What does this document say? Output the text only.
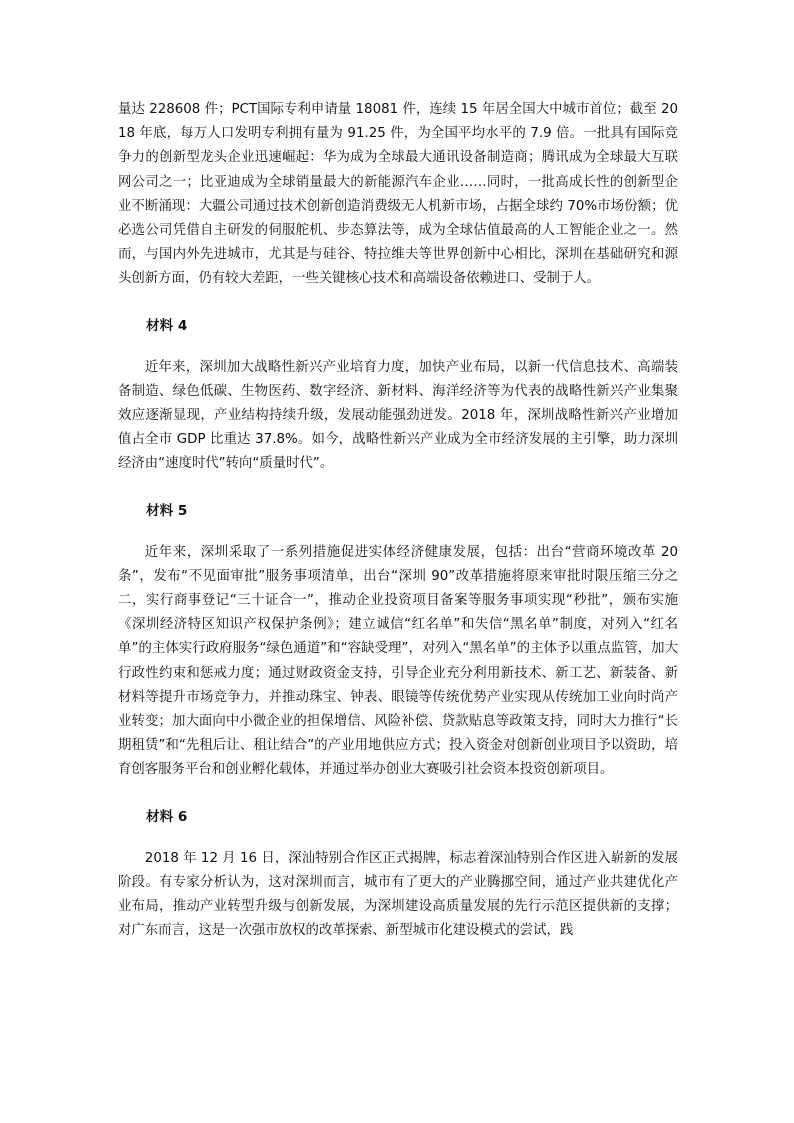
量达 228608 件；PCT国际专利申请量 18081 件，连续 15 年居全国大中城市首位；截至 2018 年底，每万人口发明专利拥有量为 91.25 件，为全国平均水平的 7.9 倍。一批具有国际竞争力的创新型龙头企业迅速崛起：华为成为全球最大通讯设备制造商；腾讯成为全球最大互联网公司之一；比亚迪成为全球销量最大的新能源汽车企业……同时，一批高成长性的创新型企业不断涌现：大疆公司通过技术创新创造消费级无人机新市场，占据全球约 70%市场份额；优必选公司凭借自主研发的伺服舵机、步态算法等，成为全球估值最高的人工智能企业之一。然而，与国内外先进城市，尤其是与硅谷、特拉维夫等世界创新中心相比，深圳在基础研究和源头创新方面，仍有较大差距，一些关键核心技术和高端设备依赖进口、受制于人。

材料 4

近年来，深圳加大战略性新兴产业培育力度，加快产业布局，以新一代信息技术、高端装备制造、绿色低碳、生物医药、数字经济、新材料、海洋经济等为代表的战略性新兴产业集聚效应逐渐显现，产业结构持续升级，发展动能强劲迸发。2018 年，深圳战略性新兴产业增加值占全市 GDP 比重达 37.8%。如今，战略性新兴产业成为全市经济发展的主引擎，助力深圳经济由“速度时代”转向“质量时代”。

材料 5

近年来，深圳采取了一系列措施促进实体经济健康发展，包括：出台“营商环境改革 20 条”，发布“不见面审批”服务事项清单，出台“深圳 90”改革措施将原来审批时限压缩三分之二，实行商事登记“三十证合一”，推动企业投资项目备案等服务事项实现“秒批”，颁布实施《深圳经济特区知识产权保护条例》；建立诚信“红名单”和失信“黑名单”制度，对列入“红名单”的主体实行政府服务“绿色通道”和“容缺受理”，对列入“黑名单”的主体予以重点监管，加大行政性约束和惩戒力度；通过财政资金支持，引导企业充分利用新技术、新工艺、新装备、新材料等提升市场竞争力，并推动珠宝、钟表、眼镜等传统优势产业实现从传统加工业向时尚产业转变；加大面向中小微企业的担保增信、风险补偿、贷款贴息等政策支持，同时大力推行“长期租赁”和“先租后让、租让结合”的产业用地供应方式；投入资金对创新创业项目予以资助，培育创客服务平台和创业孵化载体，并通过举办创业大赛吸引社会资本投资创新项目。

材料 6

2018 年 12 月 16 日，深汕特别合作区正式揭牌，标志着深汕特别合作区进入崭新的发展阶段。有专家分析认为，这对深圳而言，城市有了更大的产业腾挪空间，通过产业共建优化产业布局，推动产业转型升级与创新发展，为深圳建设高质量发展的先行示范区提供新的支撑；对广东而言，这是一次强市放权的改革探索、新型城市化建设模式的尝试，践
